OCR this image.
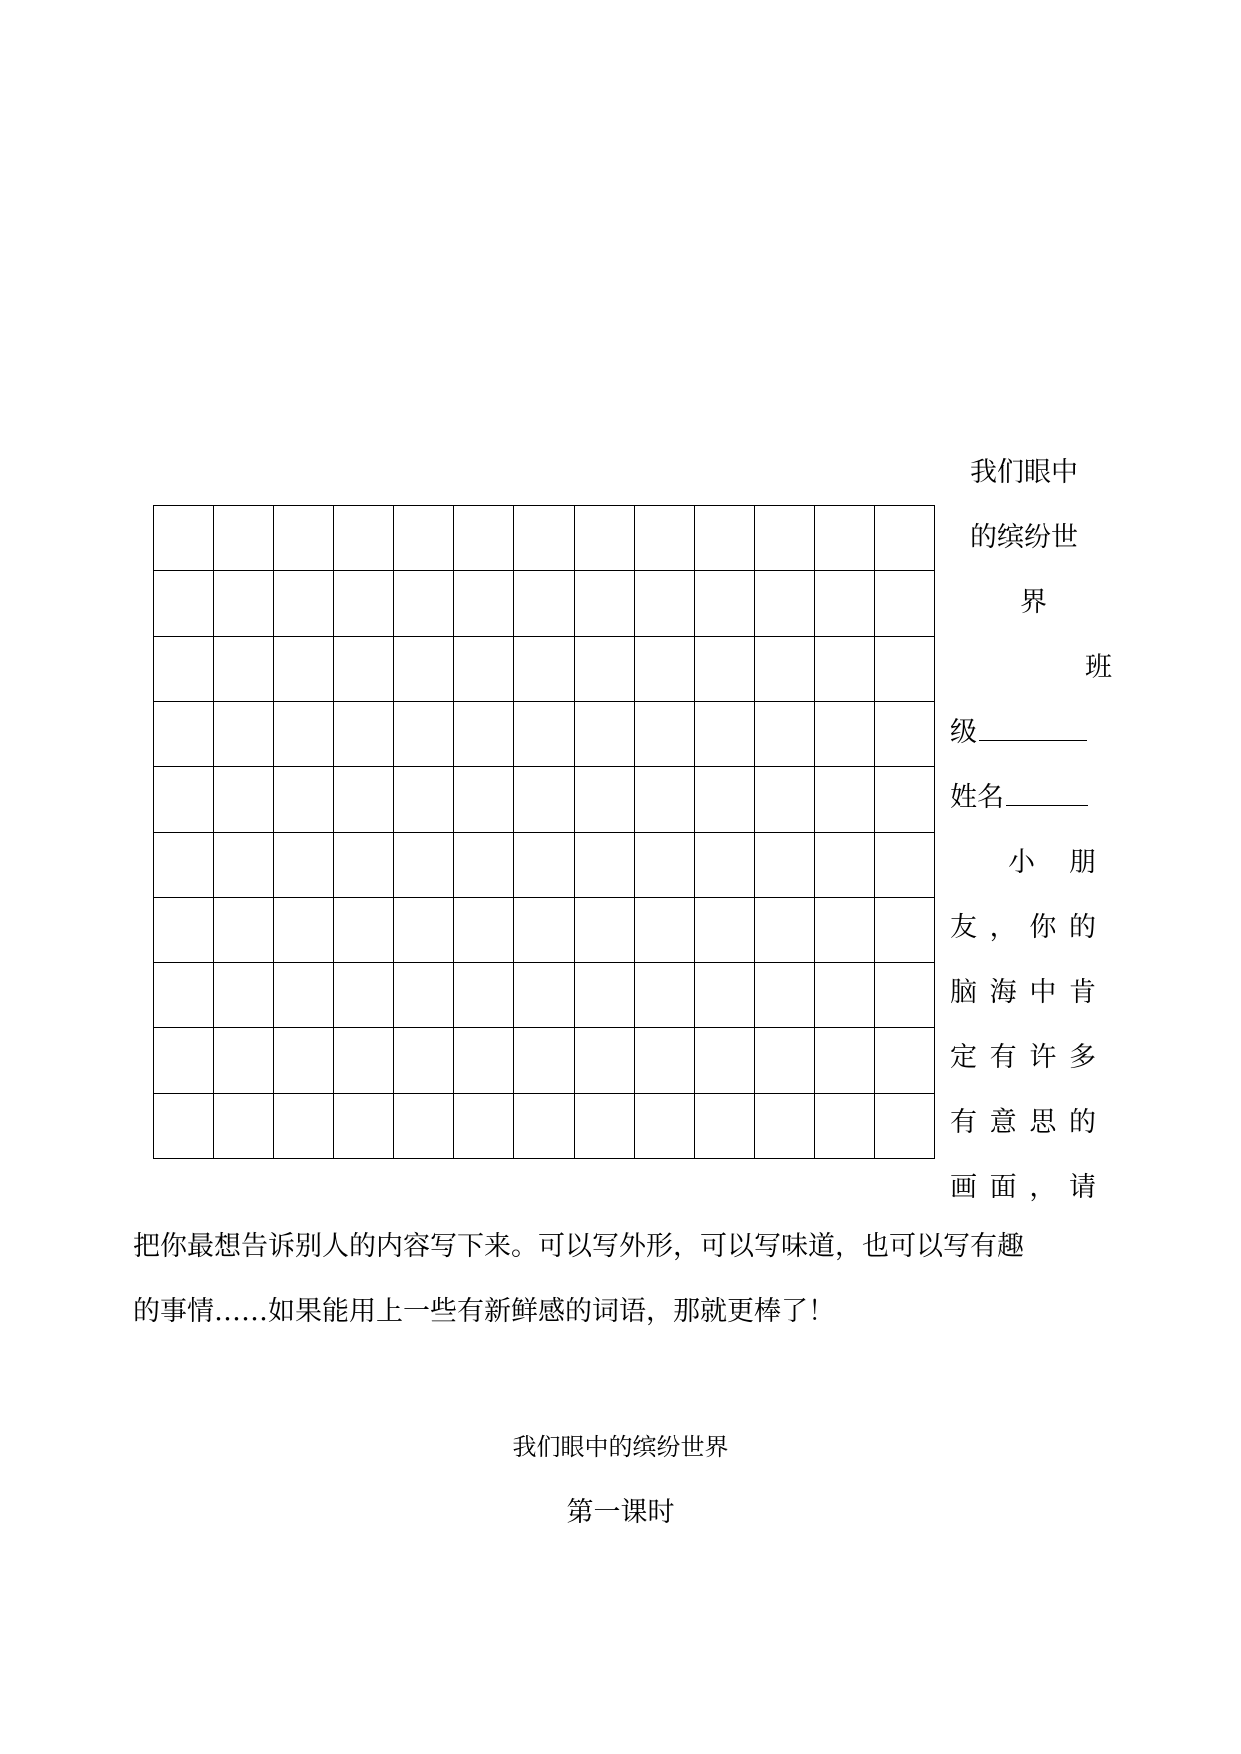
我们眼中
的缤纷世
界
班
级
姓名
小 朋
友 ， 你 的
脑 海 中 肯
定 有 许 多
有 意 思 的
画 面 ， 请
把你最想告诉别人的内容写下来。可以写外形，可以写味道，也可以写有趣
的事情……如果能用上一些有新鲜感的词语，那就更棒了！
我们眼中的缤纷世界
第一课时
